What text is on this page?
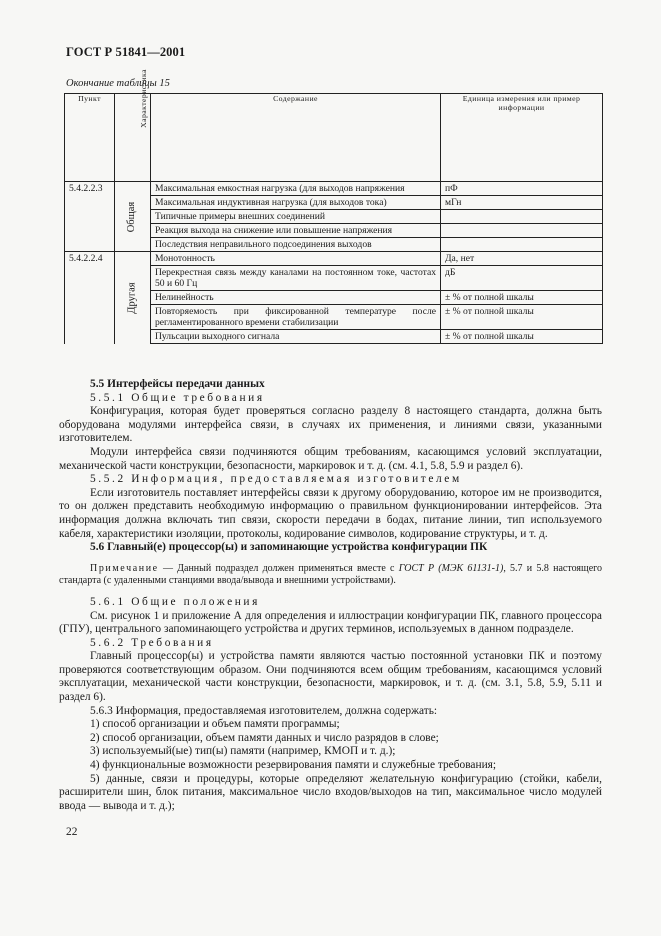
ГОСТ Р 51841—2001
Окончание таблицы 15
Пункт	Характеристика	Содержание	Единица измерения или пример информации
5.4.2.2.3	Общая	Максимальная емкостная нагрузка (для выходов напряжения	пФ
		Максимальная индуктивная нагрузка (для выходов тока)	мГн
		Типичные примеры внешних соединений	
		Реакция выхода на снижение или повышение напряжения	
		Последствия неправильного подсоединения выходов	
5.4.2.2.4	Другая	Монотонность	Да, нет
		Перекрестная связь между каналами на постоянном токе, частотах 50 и 60 Гц	дБ
		Нелинейность	± % от полной шкалы
		Повторяемость при фиксированной температуре после регламентированного времени стабилизации	± % от полной шкалы
		Пульсации выходного сигнала	± % от полной шкалы

5.5 Интерфейсы передачи данных

5.5.1 Общие требования

Конфигурация, которая будет проверяться согласно разделу 8 настоящего стандарта, должна быть оборудована модулями интерфейса связи, в случаях их применения, и линиями связи, указанными изготовителем.

Модули интерфейса связи подчиняются общим требованиям, касающимся условий эксплуатации, механической части конструкции, безопасности, маркировок и т. д. (см. 4.1, 5.8, 5.9 и раздел 6).

5.5.2 Информация, предоставляемая изготовителем

Если изготовитель поставляет интерфейсы связи к другому оборудованию, которое им не производится, то он должен представить необходимую информацию о правильном функционировании интерфейсов. Эта информация должна включать тип связи, скорости передачи в бодах, питание линии, тип используемого кабеля, характеристики изоляции, протоколы, кодирование символов, кодирование структуры, и т. д.

5.6 Главный(е) процессор(ы) и запоминающие устройства конфигурации ПК

Примечание — Данный подраздел должен применяться вместе с ГОСТ Р (МЭК 61131-1), 5.7 и 5.8 настоящего стандарта (с удаленными станциями ввода/вывода и внешними устройствами).

5.6.1 Общие положения

См. рисунок 1 и приложение А для определения и иллюстрации конфигурации ПК, главного процессора (ГПУ), центрального запоминающего устройства и других терминов, используемых в данном подразделе.

5.6.2 Требования

Главный процессор(ы) и устройства памяти являются частью постоянной установки ПК и поэтому проверяются соответствующим образом. Они подчиняются всем общим требованиям, касающимся условий эксплуатации, механической части конструкции, безопасности, маркировок, и т. д. (см. 3.1, 5.8, 5.9, 5.11 и раздел 6).

5.6.3 Информация, предоставляемая изготовителем, должна содержать:

1) способ организации и объем памяти программы;

2) способ организации, объем памяти данных и число разрядов в слове;

3) используемый(ые) тип(ы) памяти (например, КМОП и т. д.);

4) функциональные возможности резервирования памяти и служебные требования;

5) данные, связи и процедуры, которые определяют желательную конфигурацию (стойки, кабели, расширители шин, блок питания, максимальное число входов/выходов на тип, максимальное число модулей ввода — вывода и т. д.);

22
